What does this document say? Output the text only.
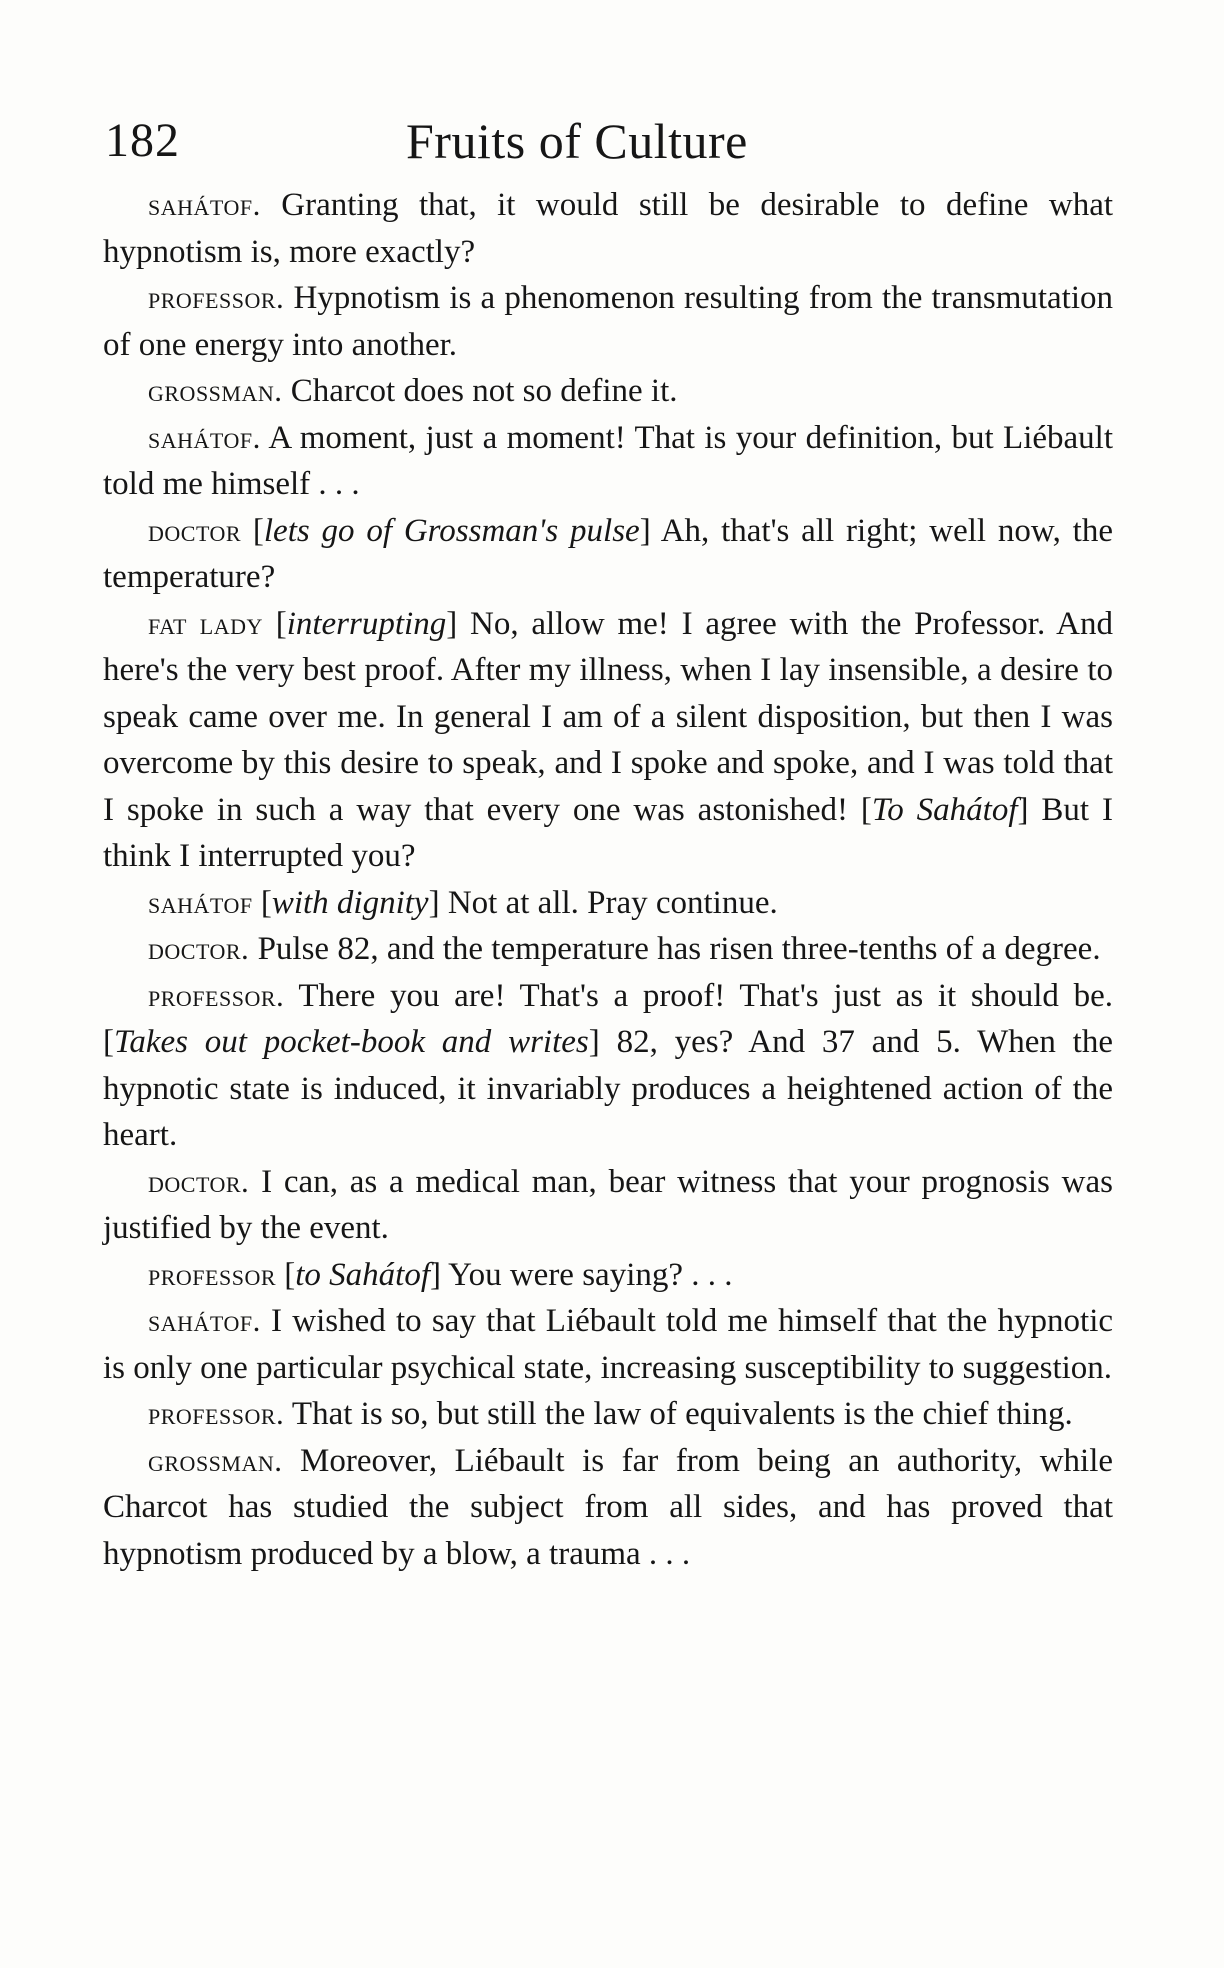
182	Fruits of Culture

sahátof. Granting that, it would still be desirable to define what hypnotism is, more exactly?

professor. Hypnotism is a phenomenon resulting from the transmutation of one energy into another.

grossman. Charcot does not so define it.

sahátof. A moment, just a moment! That is your definition, but Liébault told me himself . . .

doctor [lets go of Grossman's pulse] Ah, that's all right; well now, the temperature?

fat lady [interrupting] No, allow me! I agree with the Professor. And here's the very best proof. After my illness, when I lay insensible, a desire to speak came over me. In general I am of a silent disposition, but then I was overcome by this desire to speak, and I spoke and spoke, and I was told that I spoke in such a way that every one was astonished! [To Sahátof] But I think I interrupted you?

sahátof [with dignity] Not at all. Pray continue.

doctor. Pulse 82, and the temperature has risen three-tenths of a degree.

professor. There you are! That's a proof! That's just as it should be. [Takes out pocket-book and writes] 82, yes? And 37 and 5. When the hypnotic state is induced, it invariably produces a heightened action of the heart.

doctor. I can, as a medical man, bear witness that your prognosis was justified by the event.

professor [to Sahátof] You were saying? . . .

sahátof. I wished to say that Liébault told me himself that the hypnotic is only one particular psychical state, increasing susceptibility to suggestion.

professor. That is so, but still the law of equivalents is the chief thing.

grossman. Moreover, Liébault is far from being an authority, while Charcot has studied the subject from all sides, and has proved that hypnotism produced by a blow, a trauma . . .
